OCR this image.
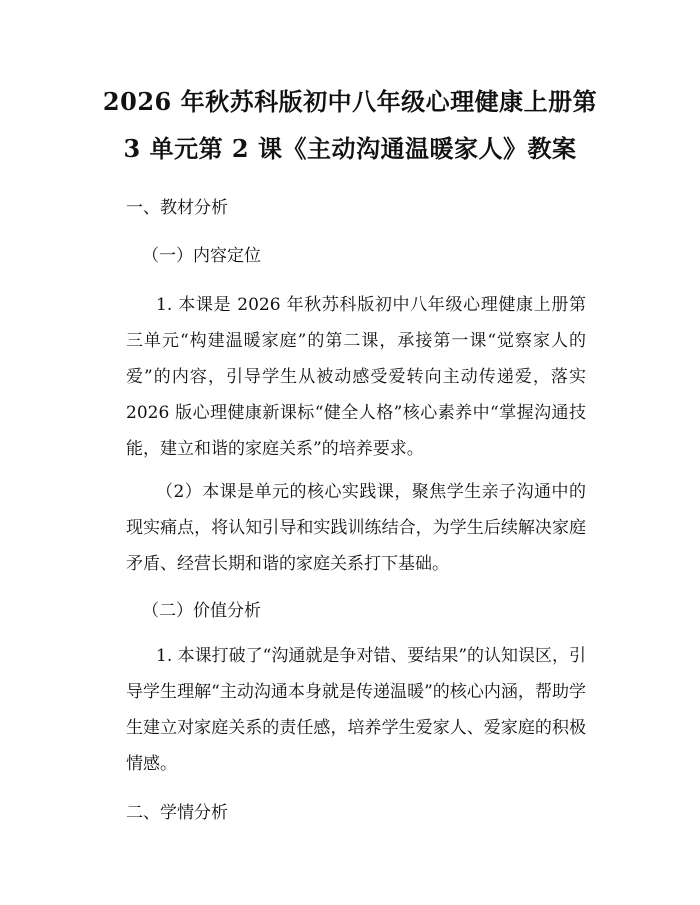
2026 年秋苏科版初中八年级心理健康上册第
3 单元第 2 课《主动沟通温暖家人》教案
一、教材分析
（一）内容定位
1. 本课是 2026 年秋苏科版初中八年级心理健康上册第三单元“构建温暖家庭”的第二课，承接第一课“觉察家人的爱”的内容，引导学生从被动感受爱转向主动传递爱，落实 2026 版心理健康新课标“健全人格”核心素养中“掌握沟通技能，建立和谐的家庭关系”的培养要求。
（2）本课是单元的核心实践课，聚焦学生亲子沟通中的现实痛点，将认知引导和实践训练结合，为学生后续解决家庭矛盾、经营长期和谐的家庭关系打下基础。
（二）价值分析
1. 本课打破了“沟通就是争对错、要结果”的认知误区，引导学生理解“主动沟通本身就是传递温暖”的核心内涵，帮助学生建立对家庭关系的责任感，培养学生爱家人、爱家庭的积极情感。
二、学情分析
